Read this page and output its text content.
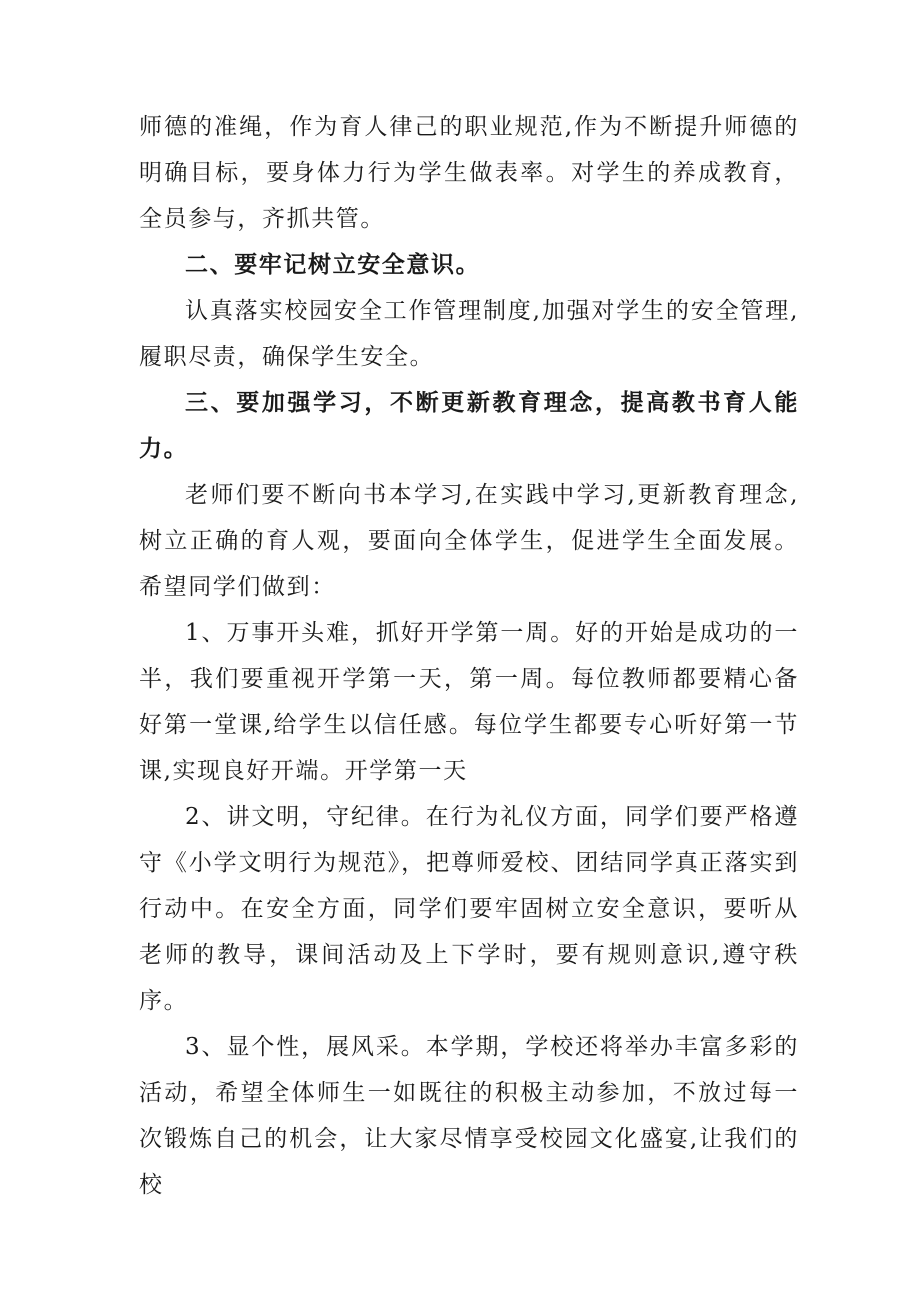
师德的准绳，作为育人律己的职业规范,作为不断提升师德的明确目标，要身体力行为学生做表率。对学生的养成教育，全员参与，齐抓共管。

二、要牢记树立安全意识。

认真落实校园安全工作管理制度,加强对学生的安全管理,履职尽责，确保学生安全。

三、要加强学习，不断更新教育理念，提高教书育人能力。

老师们要不断向书本学习,在实践中学习,更新教育理念,树立正确的育人观，要面向全体学生，促进学生全面发展。希望同学们做到：

1、万事开头难，抓好开学第一周。好的开始是成功的一半，我们要重视开学第一天，第一周。每位教师都要精心备好第一堂课,给学生以信任感。每位学生都要专心听好第一节课,实现良好开端。开学第一天

2、讲文明，守纪律。在行为礼仪方面，同学们要严格遵守《小学文明行为规范》，把尊师爱校、团结同学真正落实到行动中。在安全方面，同学们要牢固树立安全意识，要听从老师的教导，课间活动及上下学时，要有规则意识,遵守秩序。

3、显个性，展风采。本学期，学校还将举办丰富多彩的活动，希望全体师生一如既往的积极主动参加，不放过每一次锻炼自己的机会，让大家尽情享受校园文化盛宴,让我们的校
